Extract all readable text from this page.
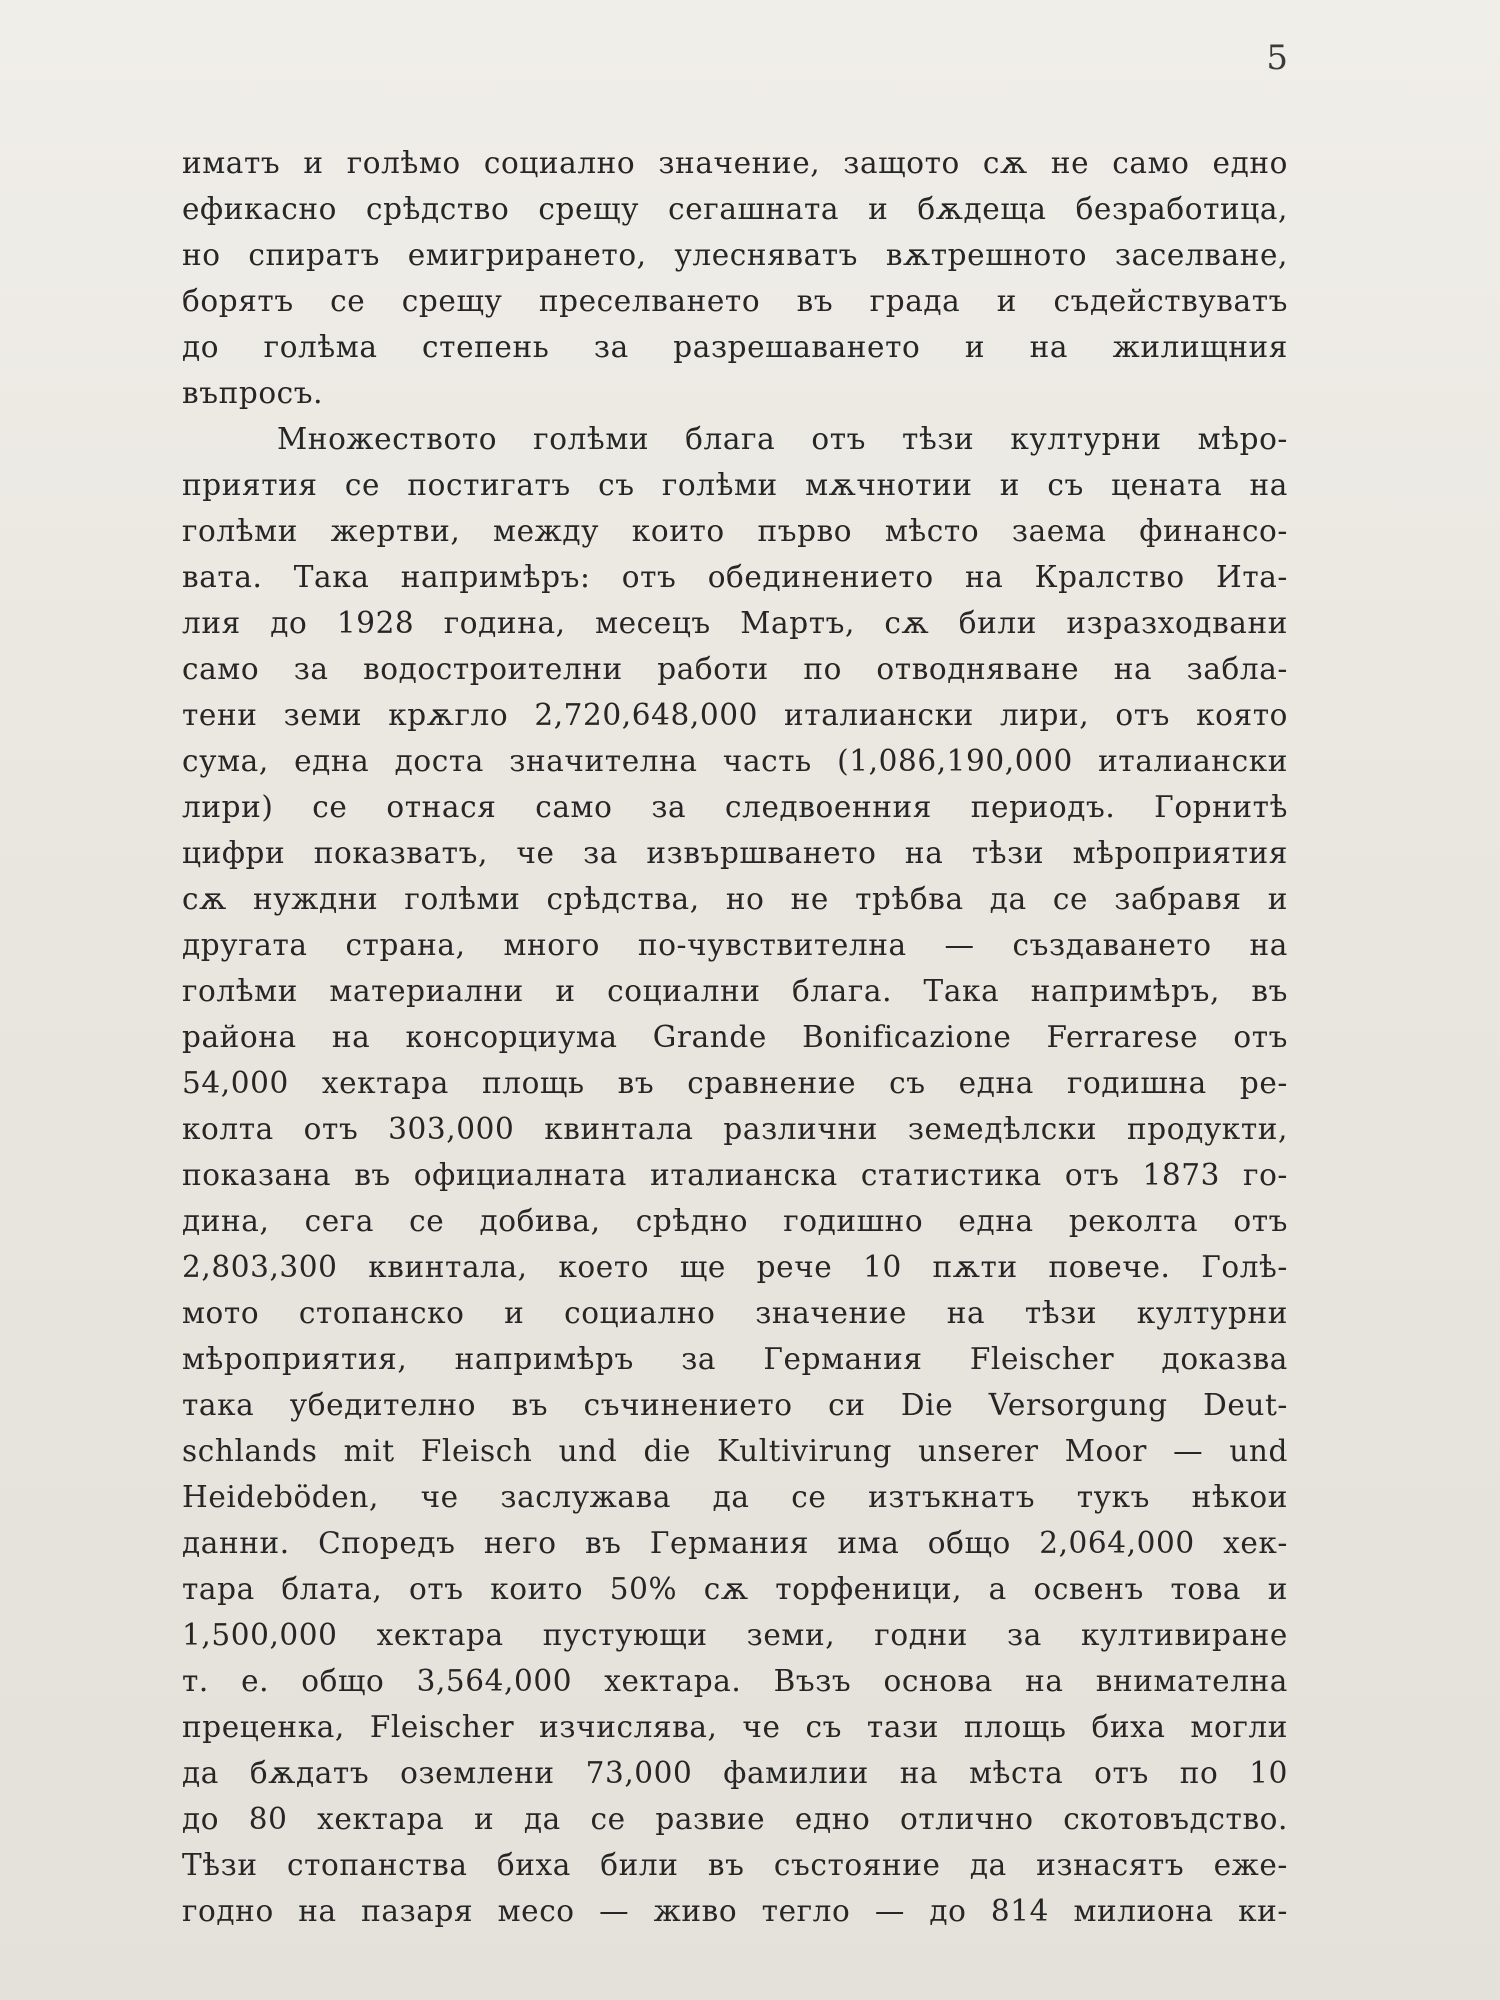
5
иматъ и голѣмо социално значение, защото сѫ не само едно
ефикасно срѣдство срещу сегашната и бѫдеща безработица,
но спиратъ емигрирането, улесняватъ вѫтрешното заселване,
борятъ се срещу преселването въ града и съдействуватъ
до голѣма степень за разрешаването и на жилищния
въпросъ.
Множеството голѣми блага отъ тѣзи културни мѣро-
приятия се постигатъ съ голѣми мѫчнотии и съ цената на
голѣми жертви, между които първо мѣсто заема финансо-
вата. Така напримѣръ: отъ обединението на Кралство Ита-
лия до 1928 година, месецъ Мартъ, сѫ били изразходвани
само за водостроителни работи по отводняване на забла-
тени земи крѫгло 2,720,648,000 италиански лири, отъ която
сума, една доста значителна часть (1,086,190,000 италиански
лири) се отнася само за следвоенния периодъ. Горнитѣ
цифри показватъ, че за извършването на тѣзи мѣроприятия
сѫ нуждни голѣми срѣдства, но не трѣбва да се забравя и
другата страна, много по-чувствителна — създаването на
голѣми материални и социални блага. Така напримѣръ, въ
района на консорциума Grande Bonificazione Ferrarese отъ
54,000 хектара площь въ сравнение съ една годишна ре-
колта отъ 303,000 квинтала различни земедѣлски продукти,
показана въ официалната италианска статистика отъ 1873 го-
дина, сега се добива, срѣдно годишно една реколта отъ
2,803,300 квинтала, което ще рече 10 пѫти повече. Голѣ-
мото стопанско и социално значение на тѣзи културни
мѣроприятия, напримѣръ за Германия Fleischer доказва
така убедително въ съчинението си Die Versorgung Deut-
schlands mit Fleisch und die Kultivirung unserer Moor — und
Heideböden, че заслужава да се изтъкнатъ тукъ нѣкои
данни. Споредъ него въ Германия има общо 2,064,000 хек-
тара блата, отъ които 50% сѫ торфеници, а освенъ това и
1,500,000 хектара пустующи земи, годни за култивиране
т. е. общо 3,564,000 хектара. Възъ основа на внимателна
преценка, Fleischer изчислява, че съ тази площь биха могли
да бѫдатъ оземлени 73,000 фамилии на мѣста отъ по 10
до 80 хектара и да се развие едно отлично скотовъдство.
Тѣзи стопанства биха били въ състояние да изнасятъ еже-
годно на пазаря месо — живо тегло — до 814 милиона ки-
